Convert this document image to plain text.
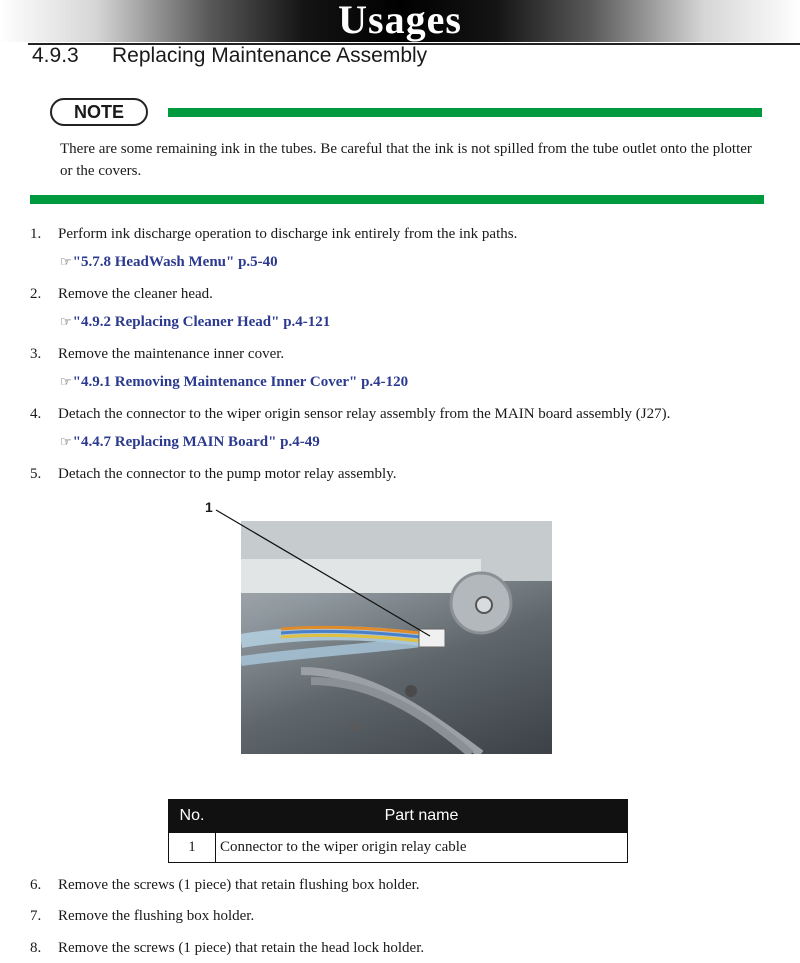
Usages
4.9.3 Replacing Maintenance Assembly
NOTE
There are some remaining ink in the tubes. Be careful that the ink is not spilled from the tube outlet onto the plotter or the covers.
1. Perform ink discharge operation to discharge ink entirely from the ink paths.
☞"5.7.8 HeadWash Menu" p.5-40
2. Remove the cleaner head.
☞"4.9.2 Replacing Cleaner Head" p.4-121
3. Remove the maintenance inner cover.
☞"4.9.1 Removing Maintenance Inner Cover" p.4-120
4. Detach the connector to the wiper origin sensor relay assembly from the MAIN board assembly (J27).
☞"4.4.7 Replacing MAIN Board" p.4-49
5. Detach the connector to the pump motor relay assembly.
1
No.	Part name
1	Connector to the wiper origin relay cable
6. Remove the screws (1 piece) that retain flushing box holder.
7. Remove the flushing box holder.
8. Remove the screws (1 piece) that retain the head lock holder.
